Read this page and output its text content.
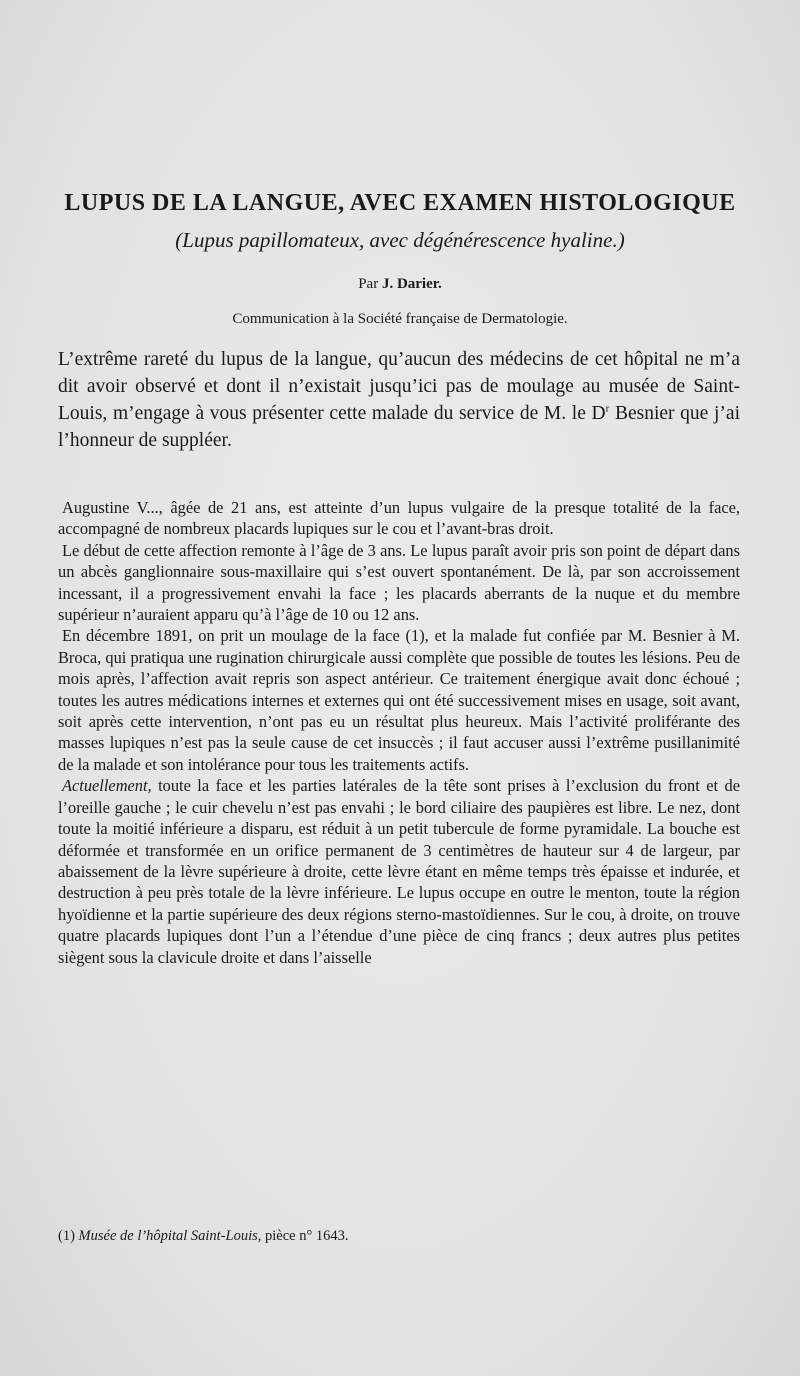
LUPUS DE LA LANGUE, AVEC EXAMEN HISTOLOGIQUE
(Lupus papillomateux, avec dégénérescence hyaline.)
Par J. Darier.
Communication à la Société française de Dermatologie.

L’extrême rareté du lupus de la langue, qu’aucun des médecins de cet hôpital ne m’a dit avoir observé et dont il n’existait jusqu’ici pas de moulage au musée de Saint-Louis, m’engage à vous présenter cette malade du service de M. le $D^r$ Besnier que j’ai l’honneur de suppléer.

Augustine V..., âgée de 21 ans, est atteinte d’un lupus vulgaire de la presque totalité de la face, accompagné de nombreux placards lupiques sur le cou et l’avant-bras droit.

Le début de cette affection remonte à l’âge de 3 ans. Le lupus paraît avoir pris son point de départ dans un abcès ganglionnaire sous-maxillaire qui s’est ouvert spontanément. De là, par son accroissement incessant, il a progressivement envahi la face ; les placards aberrants de la nuque et du membre supérieur n’auraient apparu qu’à l’âge de 10 ou 12 ans.

En décembre 1891, on prit un moulage de la face (1), et la malade fut confiée par M. Besnier à M. Broca, qui pratiqua une rugination chirurgicale aussi complète que possible de toutes les lésions. Peu de mois après, l’affection avait repris son aspect antérieur. Ce traitement énergique avait donc échoué ; toutes les autres médications internes et externes qui ont été successivement mises en usage, soit avant, soit après cette intervention, n’ont pas eu un résultat plus heureux. Mais l’activité proliférante des masses lupiques n’est pas la seule cause de cet insuccès ; il faut accuser aussi l’extrême pusillanimité de la malade et son intolérance pour tous les traitements actifs.

Actuellement, toute la face et les parties latérales de la tête sont prises à l’exclusion du front et de l’oreille gauche ; le cuir chevelu n’est pas envahi ; le bord ciliaire des paupières est libre. Le nez, dont toute la moitié inférieure a disparu, est réduit à un petit tubercule de forme pyramidale. La bouche est déformée et transformée en un orifice permanent de 3 centimètres de hauteur sur 4 de largeur, par abaissement de la lèvre supérieure à droite, cette lèvre étant en même temps très épaisse et indurée, et destruction à peu près totale de la lèvre inférieure. Le lupus occupe en outre le menton, toute la région hyoïdienne et la partie supérieure des deux régions sterno-mastoïdiennes. Sur le cou, à droite, on trouve quatre placards lupiques dont l’un a l’étendue d’une pièce de cinq francs ; deux autres plus petites siègent sous la clavicule droite et dans l’aisselle

(1) Musée de l’hôpital Saint-Louis, pièce n° 1643.
